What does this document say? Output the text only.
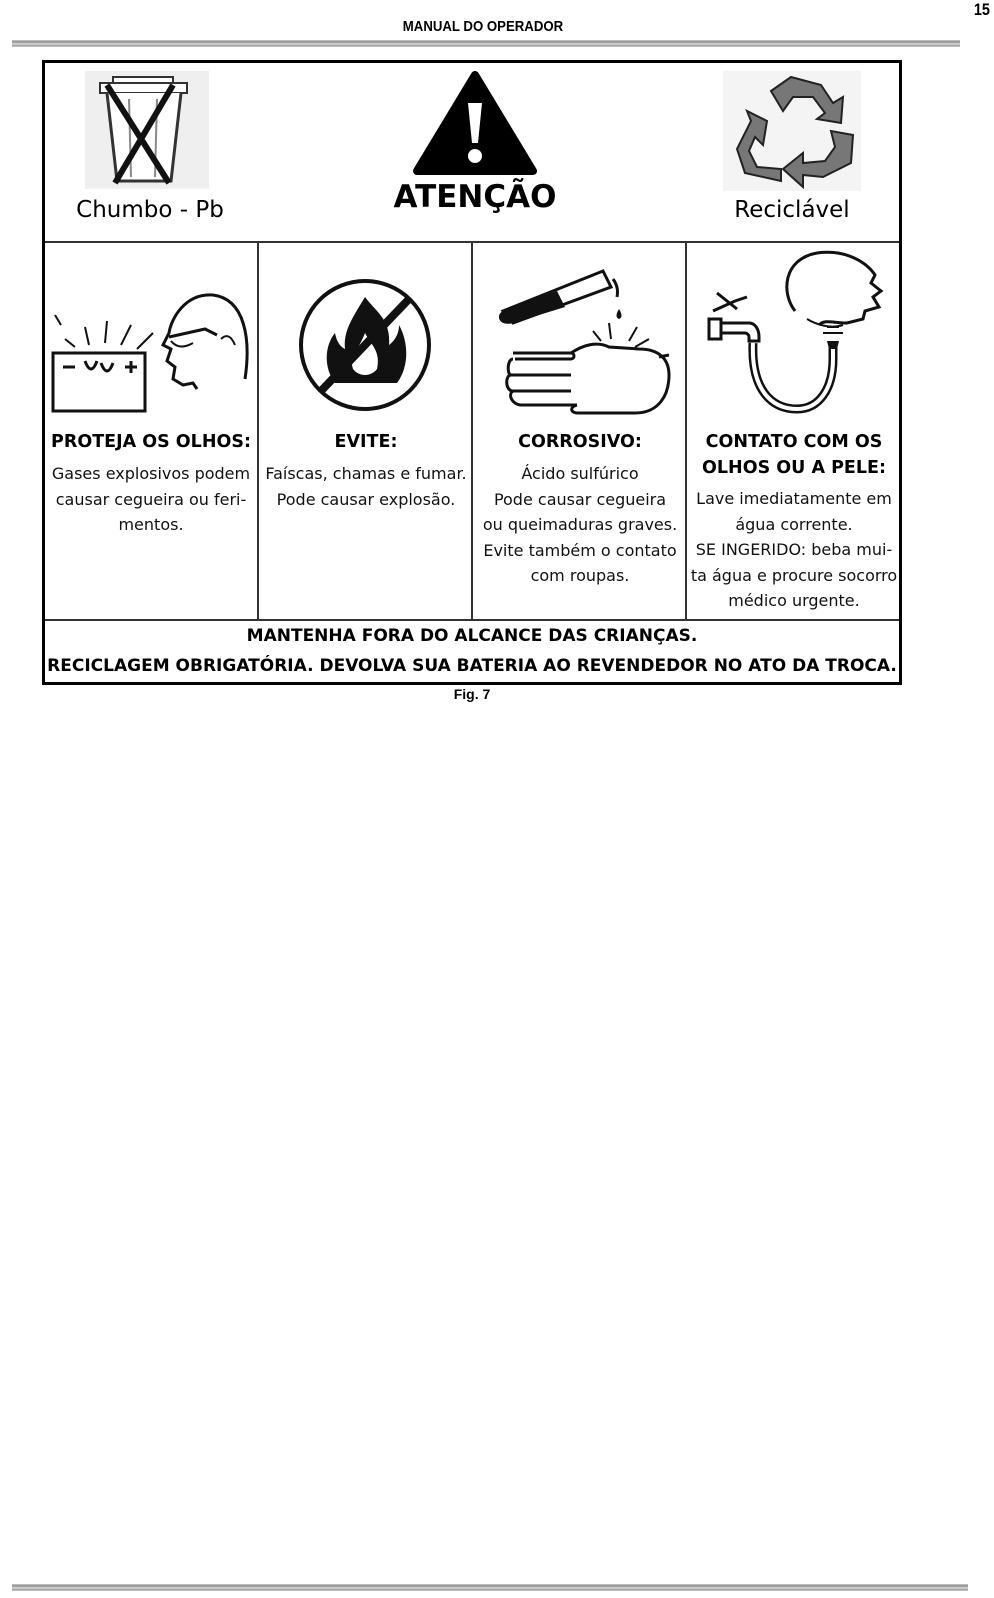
15
MANUAL DO OPERADOR
Chumbo - Pb	ATENÇÃO	Reciclável
PROTEJA OS OLHOS:
Gases explosivos podem
causar cegueira ou feri-
mentos.
EVITE:
Faíscas, chamas e fumar.
Pode causar explosão.
CORROSIVO:
Ácido sulfúrico
Pode causar cegueira
ou queimaduras graves.
Evite também o contato
com roupas.
CONTATO COM OS
OLHOS OU A PELE:
Lave imediatamente em
água corrente.
SE INGERIDO: beba mui-
ta água e procure socorro
médico urgente.
MANTENHA FORA DO ALCANCE DAS CRIANÇAS.
RECICLAGEM OBRIGATÓRIA. DEVOLVA SUA BATERIA AO REVENDEDOR NO ATO DA TROCA.
Fig. 7
